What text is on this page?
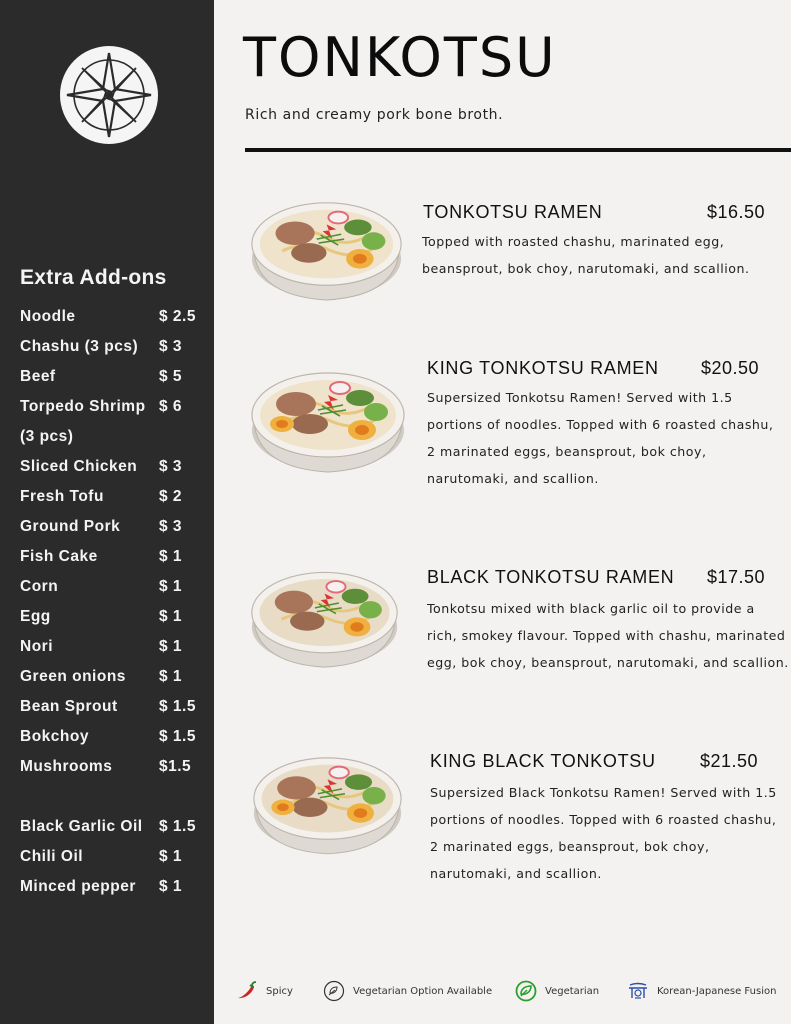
Extra Add-ons
Noodle	$ 2.5
Chashu (3 pcs) $ 3
Beef	$ 5
Torpedo Shrimp $ 6
(3 pcs)
Sliced Chicken $ 3
Fresh Tofu	$ 2
Ground Pork	$ 3
Fish Cake	$ 1
Corn	$ 1
Egg	$ 1
Nori	$ 1
Green onions $ 1
Bean Sprout	$ 1.5
Bokchoy	$ 1.5
Mushrooms	$1.5
Black Garlic Oil $ 1.5
Chili Oil	$ 1
Minced pepper $ 1
TONKOTSU
Rich and creamy pork bone broth.
TONKOTSU RAMEN	$16.50
Topped with roasted chashu, marinated egg,
beansprout, bok choy, narutomaki, and scallion.
KING TONKOTSU RAMEN $20.50
Supersized Tonkotsu Ramen! Served with 1.5
portions of noodles. Topped with 6 roasted chashu,
2 marinated eggs, beansprout, bok choy,
narutomaki, and scallion.
BLACK TONKOTSU RAMEN $17.50
Tonkotsu mixed with black garlic oil to provide a
rich, smokey flavour. Topped with chashu, marinated
egg, bok choy, beansprout, narutomaki, and scallion.
KING BLACK TONKOTSU $21.50
Supersized Black Tonkotsu Ramen! Served with 1.5
portions of noodles. Topped with 6 roasted chashu,
2 marinated eggs, beansprout, bok choy,
narutomaki, and scallion.
Spicy	Vegetarian Option Available	Vegetarian	Korean-Japanese Fusion
